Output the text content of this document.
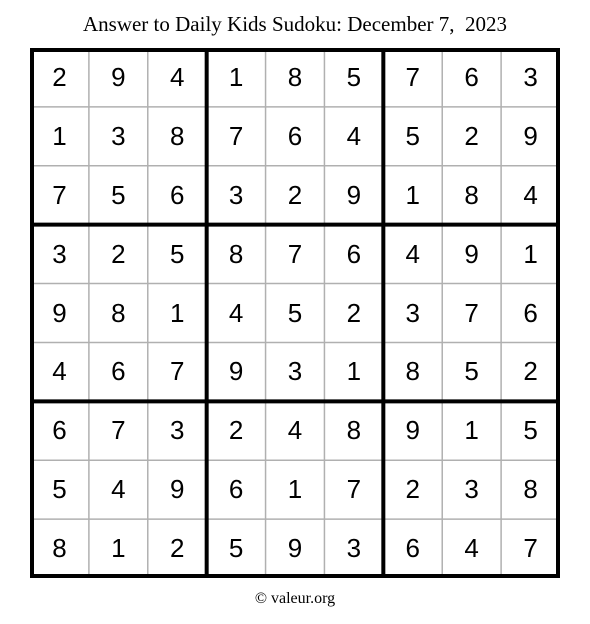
Answer to Daily Kids Sudoku: December 7,  2023
2	9	4	1	8	5	7	6	3
1	3	8	7	6	4	5	2	9
7	5	6	3	2	9	1	8	4
3	2	5	8	7	6	4	9	1
9	8	1	4	5	2	3	7	6
4	6	7	9	3	1	8	5	2
6	7	3	2	4	8	9	1	5
5	4	9	6	1	7	2	3	8
8	1	2	5	9	3	6	4	7
© valeur.org
